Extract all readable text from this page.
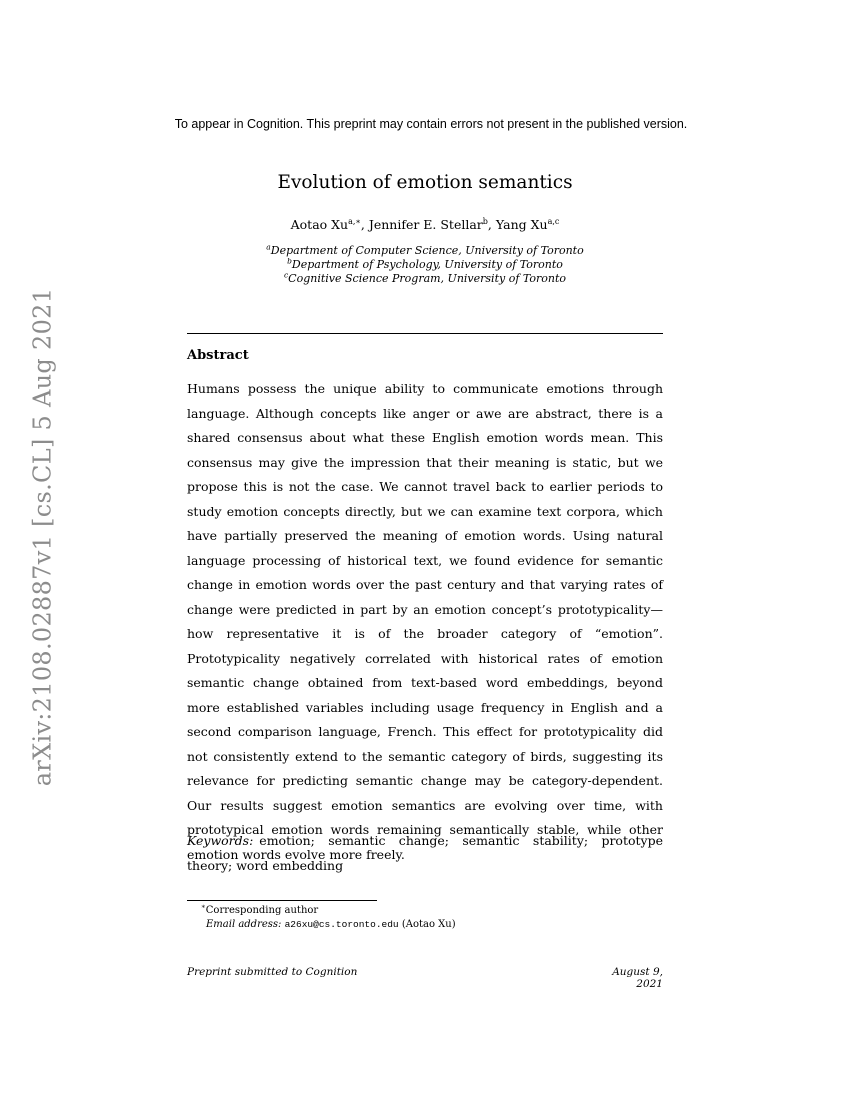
To appear in Cognition. This preprint may contain errors not present in the published version.
arXiv:2108.02887v1 [cs.CL] 5 Aug 2021
Evolution of emotion semantics
Aotao $Xu^{a,∗}$, Jennifer E. Stellar$^b$, Yang Xu$^{a,c}$
$^a$Department of Computer Science, University of Toronto
$^b$Department of Psychology, University of Toronto
$^c$Cognitive Science Program, University of Toronto
Abstract
Humans possess the unique ability to communicate emotions through language. Although concepts like anger or awe are abstract, there is a shared consensus about what these English emotion words mean. This consensus may give the impression that their meaning is static, but we propose this is not the case. We cannot travel back to earlier periods to study emotion concepts directly, but we can examine text corpora, which have partially preserved the meaning of emotion words. Using natural language processing of historical text, we found evidence for semantic change in emotion words over the past century and that varying rates of change were predicted in part by an emotion concept’s prototypicality—how representative it is of the broader category of “emotion”. Prototypicality negatively correlated with historical rates of emotion semantic change obtained from text-based word embeddings, beyond more established variables including usage frequency in English and a second comparison language, French. This effect for prototypicality did not consistently extend to the semantic category of birds, suggesting its relevance for predicting semantic change may be category-dependent. Our results suggest emotion semantics are evolving over time, with prototypical emotion words remaining semantically stable, while other emotion words evolve more freely.
Keywords: emotion; semantic change; semantic stability; prototype theory; word embedding
∗Corresponding author
Email address: a26xu@cs.toronto.edu (Aotao Xu)
Preprint submitted to Cognition	August 9, 2021
